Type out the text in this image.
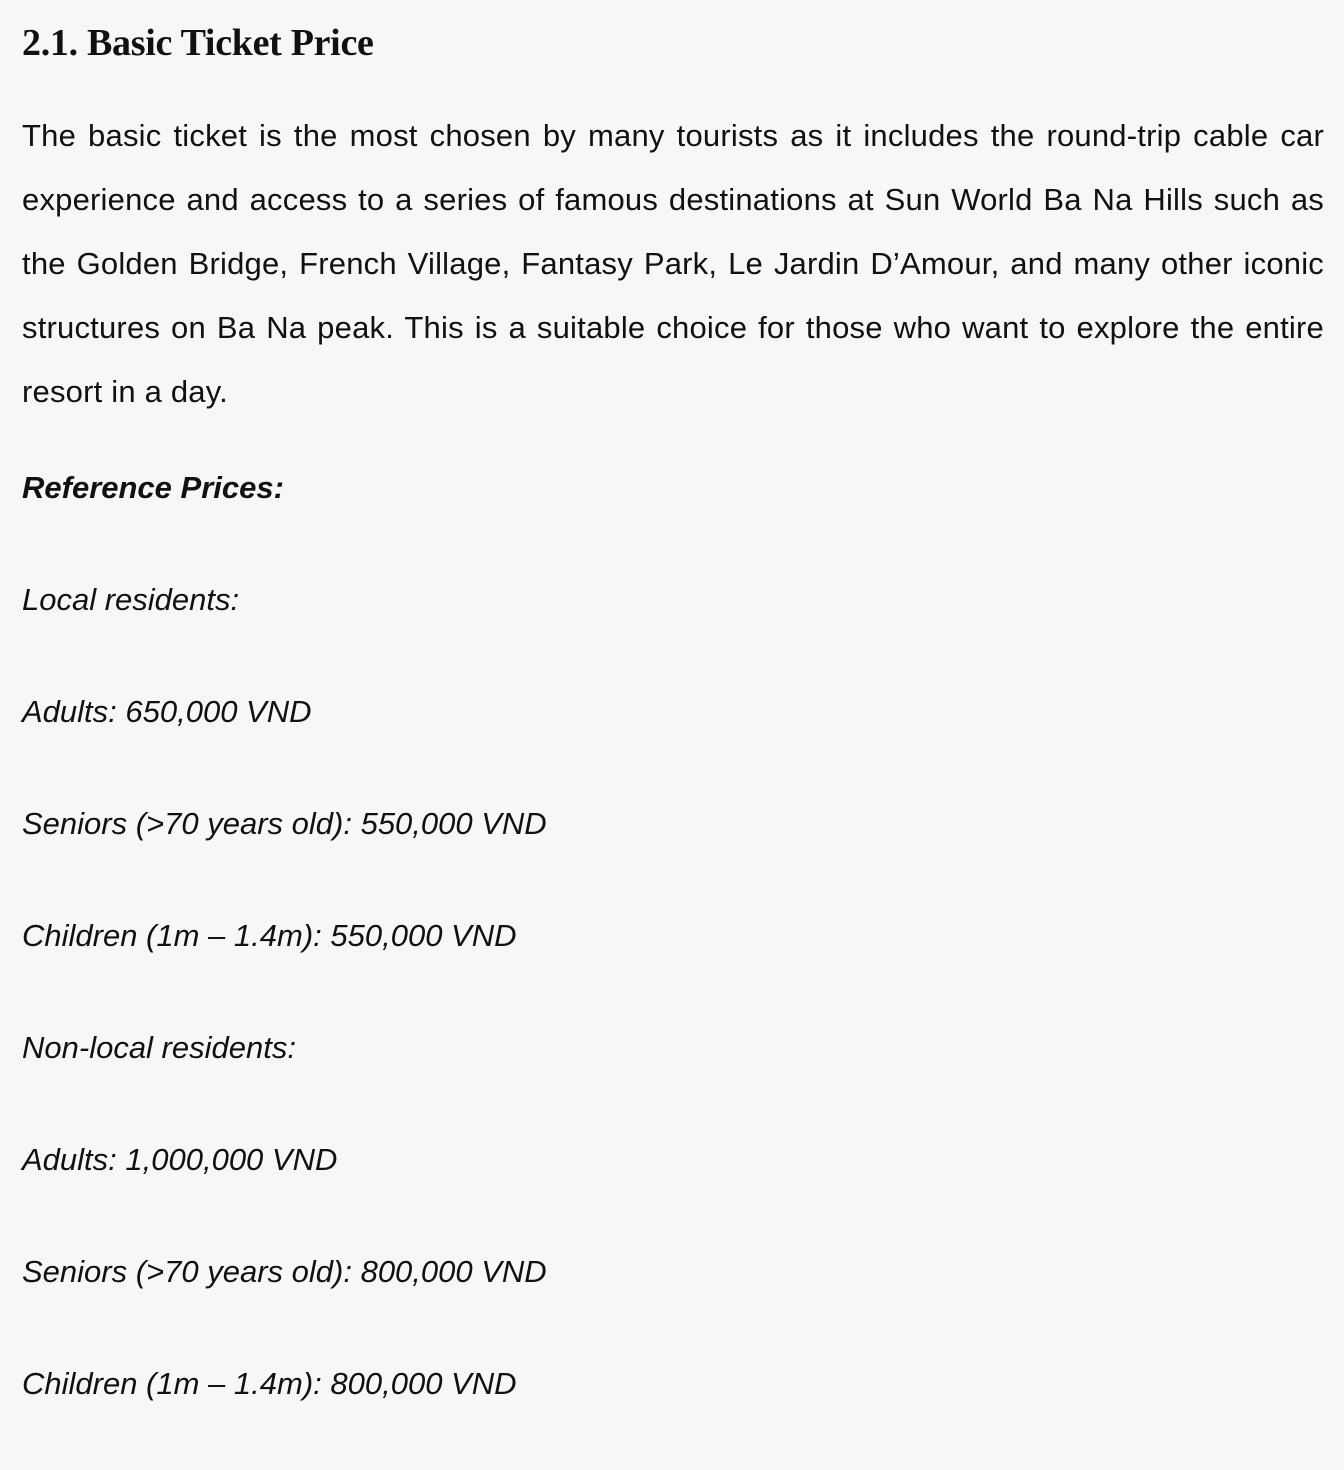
2.1. Basic Ticket Price

The basic ticket is the most chosen by many tourists as it includes the round-trip cable car experience and access to a series of famous destinations at Sun World Ba Na Hills such as the Golden Bridge, French Village, Fantasy Park, Le Jardin D’Amour, and many other iconic structures on Ba Na peak. This is a suitable choice for those who want to explore the entire resort in a day.

Reference Prices:

Local residents:

Adults: 650,000 VND

Seniors (>70 years old): 550,000 VND

Children (1m – 1.4m): 550,000 VND

Non-local residents:

Adults: 1,000,000 VND

Seniors (>70 years old): 800,000 VND

Children (1m – 1.4m): 800,000 VND
